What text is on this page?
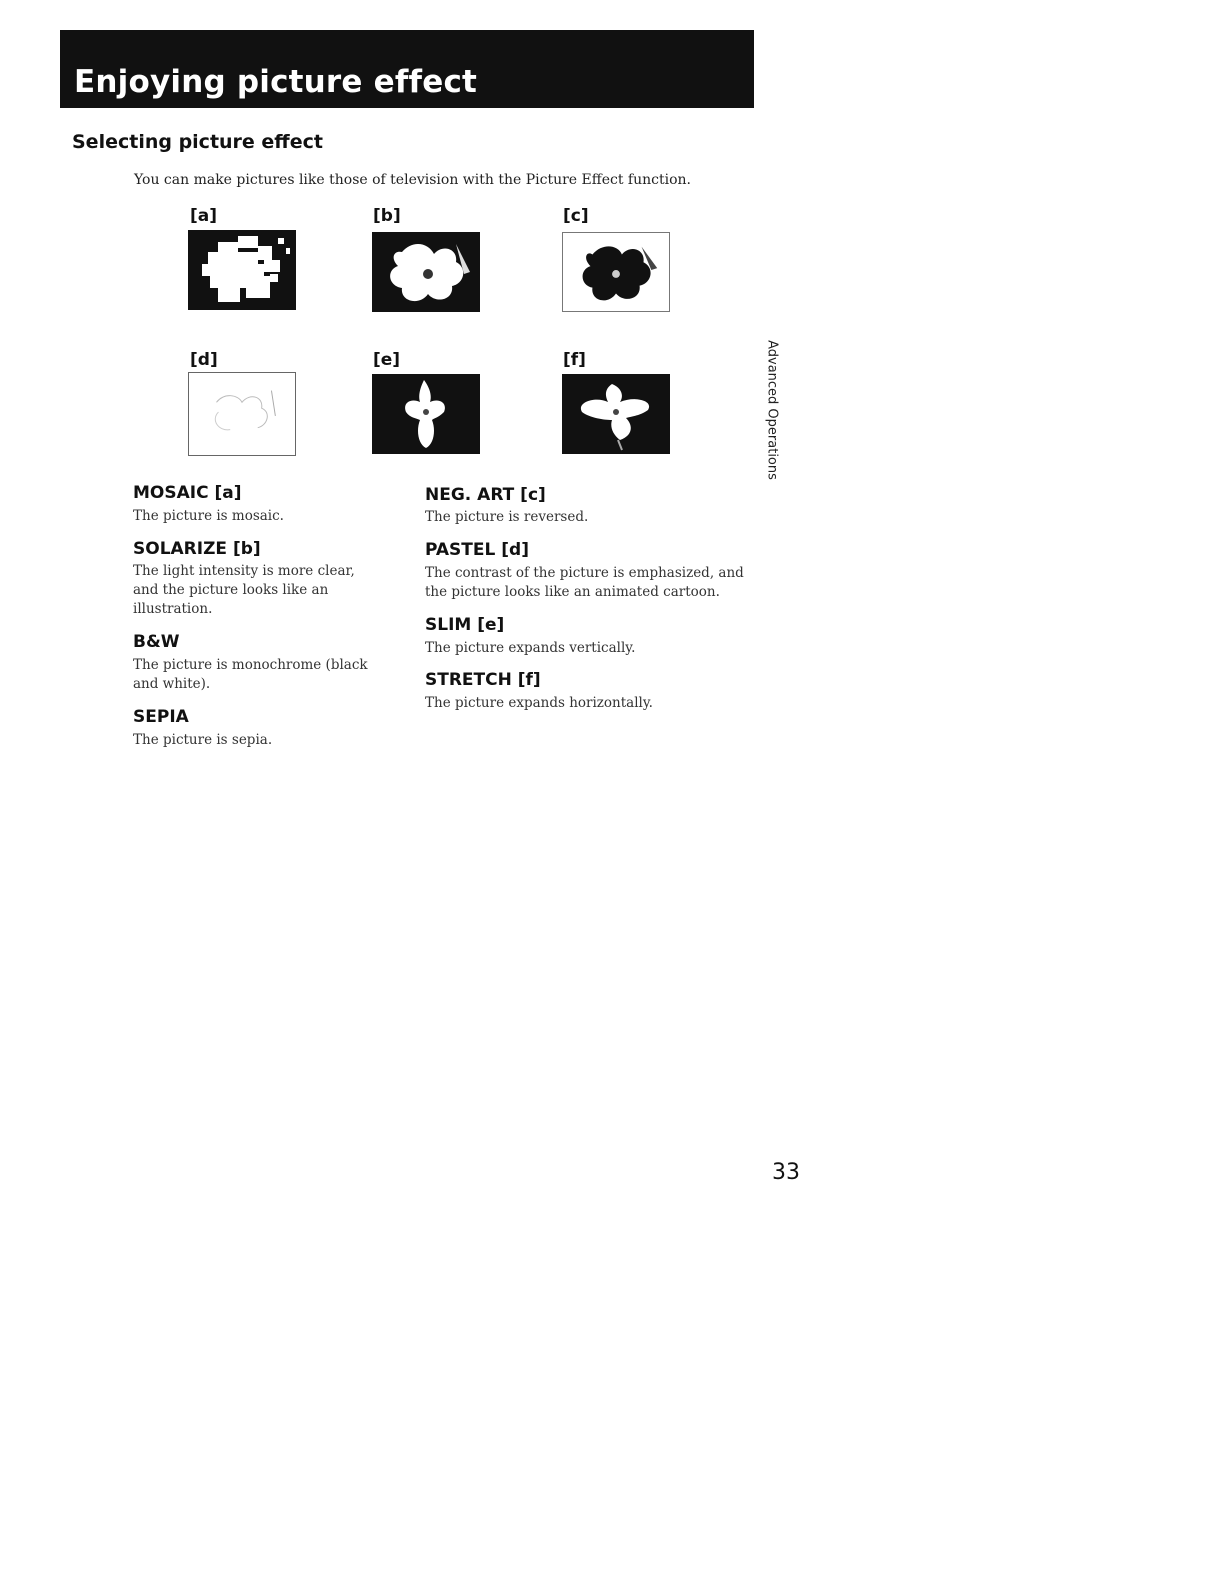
Enjoying picture effect
Selecting picture effect

You can make pictures like those of television with the Picture Effect function.

[a]	[b]	[c]

[d]	[e]	[f]

MOSAIC [a]

The picture is mosaic.

SOLARIZE [b]

The light intensity is more clear, and the picture looks like an illustration.

B&W

The picture is monochrome (black and white).

SEPIA

The picture is sepia.

NEG. ART [c]

The picture is reversed.

PASTEL [d]

The contrast of the picture is emphasized, and the picture looks like an animated cartoon.

SLIM [e]

The picture expands vertically.

STRETCH [f]

The picture expands horizontally.

Advanced Operations

33
